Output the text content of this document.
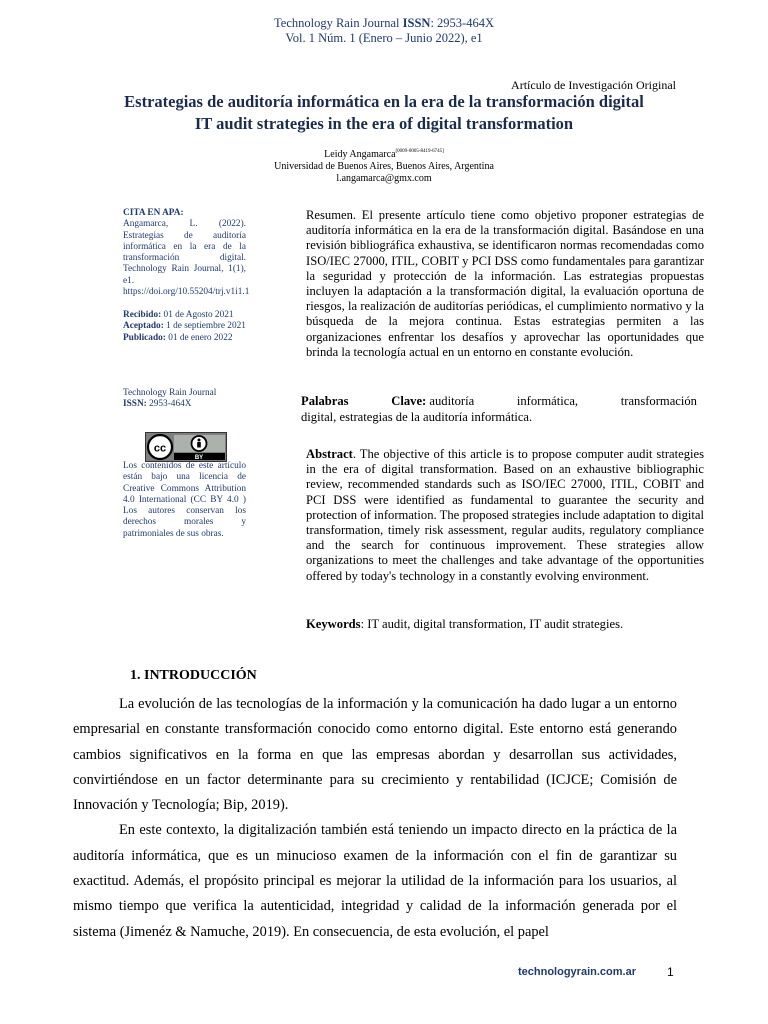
Technology Rain Journal ISSN: 2953-464X
Vol. 1 Núm. 1 (Enero – Junio 2022), e1
Artículo de Investigación Original
Estrategias de auditoría informática en la era de la transformación digital
IT audit strategies in the era of digital transformation
Leidy Angamarca[0009-0005-8419-6745]
Universidad de Buenos Aires, Buenos Aires, Argentina
l.angamarca@gmx.com
CITA EN APA:
Angamarca, L. (2022). Estrategias de auditoría informática en la era de la transformación digital. Technology Rain Journal, 1(1), e1. https://doi.org/10.55204/trj.v1i1.1
Recibido: 01 de Agosto 2021
Aceptado: 1 de septiembre 2021
Publicado: 01 de enero 2022
Technology Rain Journal
ISSN: 2953-464X
cc
BY
Los contenidos de este artículo están bajo una licencia de Creative Commons Attribution 4.0 International (CC BY 4.0 ) Los autores conservan los derechos morales y patrimoniales de sus obras.
Resumen. El presente artículo tiene como objetivo proponer estrategias de auditoría informática en la era de la transformación digital. Basándose en una revisión bibliográfica exhaustiva, se identificaron normas recomendadas como ISO/IEC 27000, ITIL, COBIT y PCI DSS como fundamentales para garantizar la seguridad y protección de la información. Las estrategias propuestas incluyen la adaptación a la transformación digital, la evaluación oportuna de riesgos, la realización de auditorías periódicas, el cumplimiento normativo y la búsqueda de la mejora continua. Estas estrategias permiten a las organizaciones enfrentar los desafíos y aprovechar las oportunidades que brinda la tecnología actual en un entorno en constante evolución.
Palabras	Clave: auditoría	informática,	transformación
digital, estrategias de la auditoría informática.
Abstract. The objective of this article is to propose computer audit strategies in the era of digital transformation. Based on an exhaustive bibliographic review, recommended standards such as ISO/IEC 27000, ITIL, COBIT and PCI DSS were identified as fundamental to guarantee the security and protection of information. The proposed strategies include adaptation to digital transformation, timely risk assessment, regular audits, regulatory compliance and the search for continuous improvement. These strategies allow organizations to meet the challenges and take advantage of the opportunities offered by today's technology in a constantly evolving environment.
Keywords: IT audit, digital transformation, IT audit strategies.
1. INTRODUCCIÓN

La evolución de las tecnologías de la información y la comunicación ha dado lugar a un entorno empresarial en constante transformación conocido como entorno digital. Este entorno está generando cambios significativos en la forma en que las empresas abordan y desarrollan sus actividades, convirtiéndose en un factor determinante para su crecimiento y rentabilidad (ICJCE; Comisión de Innovación y Tecnología; Bip, 2019).

En este contexto, la digitalización también está teniendo un impacto directo en la práctica de la auditoría informática, que es un minucioso examen de la información con el fin de garantizar su exactitud. Además, el propósito principal es mejorar la utilidad de la información para los usuarios, al mismo tiempo que verifica la autenticidad, integridad y calidad de la información generada por el sistema (Jimenéz & Namuche, 2019). En consecuencia, de esta evolución, el papel

technologyrain.com.ar	1
